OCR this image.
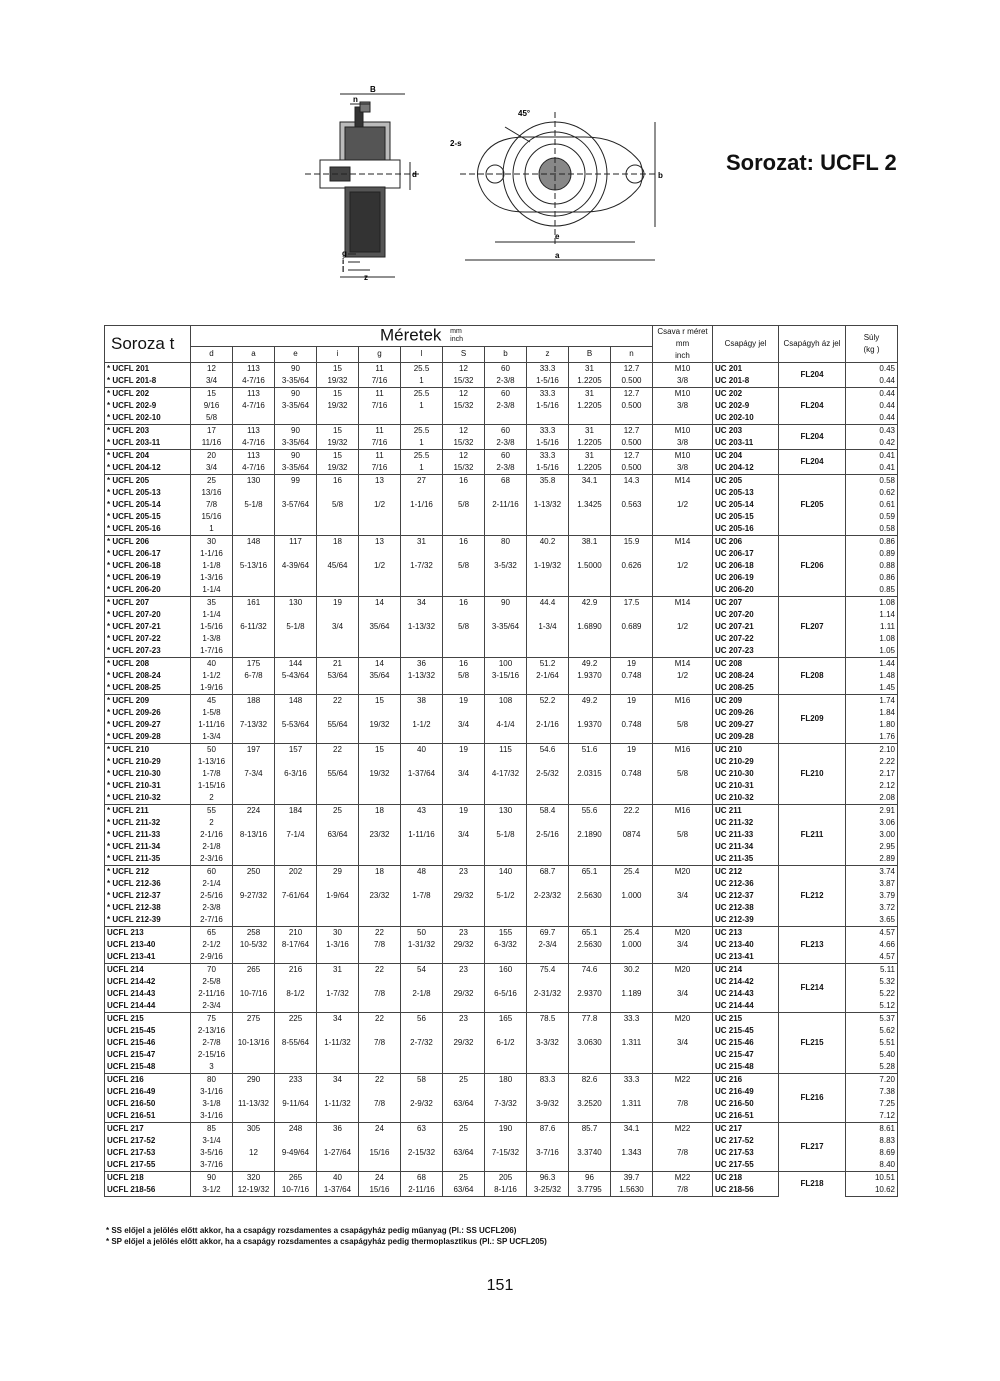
B
n
d
g
i
l
z
45°
2-s
b
e
a
Sorozat: UCFL 2
Soroza t	Méretek mm
inch											Csava r méret
mm
inch	Csapágy jel	Csapágyh áz jel	Súly
(kg )
	d	a	e	i	g	l	S	b	z	B	n				
* UCFL 201	12	113	90	15	11	25.5	12	60	33.3	31	12.7	M10	UC 201	FL204	0.45
* UCFL 201-8	3/4	4-7/16	3-35/64	19/32	7/16	1	15/32	2-3/8	1-5/16	1.2205	0.500	3/8	UC 201-8		0.44
* UCFL 202	15	113	90	15	11	25.5	12	60	33.3	31	12.7	M10	UC 202	FL204	0.44
* UCFL 202-9	9/16	4-7/16	3-35/64	19/32	7/16	1	15/32	2-3/8	1-5/16	1.2205	0.500	3/8	UC 202-9		0.44
* UCFL 202-10	5/8												UC 202-10		0.44
* UCFL 203	17	113	90	15	11	25.5	12	60	33.3	31	12.7	M10	UC 203	FL204	0.43
* UCFL 203-11	11/16	4-7/16	3-35/64	19/32	7/16	1	15/32	2-3/8	1-5/16	1.2205	0.500	3/8	UC 203-11		0.42
* UCFL 204	20	113	90	15	11	25.5	12	60	33.3	31	12.7	M10	UC 204	FL204	0.41
* UCFL 204-12	3/4	4-7/16	3-35/64	19/32	7/16	1	15/32	2-3/8	1-5/16	1.2205	0.500	3/8	UC 204-12		0.41
* UCFL 205	25	130	99	16	13	27	16	68	35.8	34.1	14.3	M14	UC 205	FL205	0.58
* UCFL 205-13	13/16												UC 205-13		0.62
* UCFL 205-14	7/8	5-1/8	3-57/64	5/8	1/2	1-1/16	5/8	2-11/16	1-13/32	1.3425	0.563	1/2	UC 205-14		0.61
* UCFL 205-15	15/16												UC 205-15		0.59
* UCFL 205-16	1												UC 205-16		0.58
* UCFL 206	30	148	117	18	13	31	16	80	40.2	38.1	15.9	M14	UC 206	FL206	0.86
* UCFL 206-17	1-1/16												UC 206-17		0.89
* UCFL 206-18	1-1/8	5-13/16	4-39/64	45/64	1/2	1-7/32	5/8	3-5/32	1-19/32	1.5000	0.626	1/2	UC 206-18		0.88
* UCFL 206-19	1-3/16												UC 206-19		0.86
* UCFL 206-20	1-1/4												UC 206-20		0.85
* UCFL 207	35	161	130	19	14	34	16	90	44.4	42.9	17.5	M14	UC 207	FL207	1.08
* UCFL 207-20	1-1/4												UC 207-20		1.14
* UCFL 207-21	1-5/16	6-11/32	5-1/8	3/4	35/64	1-13/32	5/8	3-35/64	1-3/4	1.6890	0.689	1/2	UC 207-21		1.11
* UCFL 207-22	1-3/8												UC 207-22		1.08
* UCFL 207-23	1-7/16												UC 207-23		1.05
* UCFL 208	40	175	144	21	14	36	16	100	51.2	49.2	19	M14	UC 208	FL208	1.44
* UCFL 208-24	1-1/2	6-7/8	5-43/64	53/64	35/64	1-13/32	5/8	3-15/16	2-1/64	1.9370	0.748	1/2	UC 208-24		1.48
* UCFL 208-25	1-9/16												UC 208-25		1.45
* UCFL 209	45	188	148	22	15	38	19	108	52.2	49.2	19	M16	UC 209	FL209	1.74
* UCFL 209-26	1-5/8												UC 209-26		1.84
* UCFL 209-27	1-11/16	7-13/32	5-53/64	55/64	19/32	1-1/2	3/4	4-1/4	2-1/16	1.9370	0.748	5/8	UC 209-27		1.80
* UCFL 209-28	1-3/4												UC 209-28		1.76
* UCFL 210	50	197	157	22	15	40	19	115	54.6	51.6	19	M16	UC 210	FL210	2.10
* UCFL 210-29	1-13/16												UC 210-29		2.22
* UCFL 210-30	1-7/8	7-3/4	6-3/16	55/64	19/32	1-37/64	3/4	4-17/32	2-5/32	2.0315	0.748	5/8	UC 210-30		2.17
* UCFL 210-31	1-15/16												UC 210-31		2.12
* UCFL 210-32	2												UC 210-32		2.08
* UCFL 211	55	224	184	25	18	43	19	130	58.4	55.6	22.2	M16	UC 211	FL211	2.91
* UCFL 211-32	2												UC 211-32		3.06
* UCFL 211-33	2-1/16	8-13/16	7-1/4	63/64	23/32	1-11/16	3/4	5-1/8	2-5/16	2.1890	0874	5/8	UC 211-33		3.00
* UCFL 211-34	2-1/8												UC 211-34		2.95
* UCFL 211-35	2-3/16												UC 211-35		2.89
* UCFL 212	60	250	202	29	18	48	23	140	68.7	65.1	25.4	M20	UC 212	FL212	3.74
* UCFL 212-36	2-1/4												UC 212-36		3.87
* UCFL 212-37	2-5/16	9-27/32	7-61/64	1-9/64	23/32	1-7/8	29/32	5-1/2	2-23/32	2.5630	1.000	3/4	UC 212-37		3.79
* UCFL 212-38	2-3/8												UC 212-38		3.72
* UCFL 212-39	2-7/16												UC 212-39		3.65
UCFL 213	65	258	210	30	22	50	23	155	69.7	65.1	25.4	M20	UC 213	FL213	4.57
UCFL 213-40	2-1/2	10-5/32	8-17/64	1-3/16	7/8	1-31/32	29/32	6-3/32	2-3/4	2.5630	1.000	3/4	UC 213-40		4.66
UCFL 213-41	2-9/16												UC 213-41		4.57
UCFL 214	70	265	216	31	22	54	23	160	75.4	74.6	30.2	M20	UC 214	FL214	5.11
UCFL 214-42	2-5/8												UC 214-42		5.32
UCFL 214-43	2-11/16	10-7/16	8-1/2	1-7/32	7/8	2-1/8	29/32	6-5/16	2-31/32	2.9370	1.189	3/4	UC 214-43		5.22
UCFL 214-44	2-3/4												UC 214-44		5.12
UCFL 215	75	275	225	34	22	56	23	165	78.5	77.8	33.3	M20	UC 215	FL215	5.37
UCFL 215-45	2-13/16												UC 215-45		5.62
UCFL 215-46	2-7/8	10-13/16	8-55/64	1-11/32	7/8	2-7/32	29/32	6-1/2	3-3/32	3.0630	1.311	3/4	UC 215-46		5.51
UCFL 215-47	2-15/16												UC 215-47		5.40
UCFL 215-48	3												UC 215-48		5.28
UCFL 216	80	290	233	34	22	58	25	180	83.3	82.6	33.3	M22	UC 216	FL216	7.20
UCFL 216-49	3-1/16												UC 216-49		7.38
UCFL 216-50	3-1/8	11-13/32	9-11/64	1-11/32	7/8	2-9/32	63/64	7-3/32	3-9/32	3.2520	1.311	7/8	UC 216-50		7.25
UCFL 216-51	3-1/16												UC 216-51		7.12
UCFL 217	85	305	248	36	24	63	25	190	87.6	85.7	34.1	M22	UC 217	FL217	8.61
UCFL 217-52	3-1/4												UC 217-52		8.83
UCFL 217-53	3-5/16	12	9-49/64	1-27/64	15/16	2-15/32	63/64	7-15/32	3-7/16	3.3740	1.343	7/8	UC 217-53		8.69
UCFL 217-55	3-7/16												UC 217-55		8.40
UCFL 218	90	320	265	40	24	68	25	205	96.3	96	39.7	M22	UC 218	FL218	10.51
UCFL 218-56	3-1/2	12-19/32	10-7/16	1-37/64	15/16	2-11/16	63/64	8-1/16	3-25/32	3.7795	1.5630	7/8	UC 218-56		10.62
* SS előjel a jelölés előtt akkor, ha a csapágy rozsdamentes a csapágyház pedig műanyag (Pl.: SS UCFL206)
* SP előjel a jelölés előtt akkor, ha a csapágy rozsdamentes a csapágyház pedig thermoplasztikus (Pl.: SP UCFL205)
151
